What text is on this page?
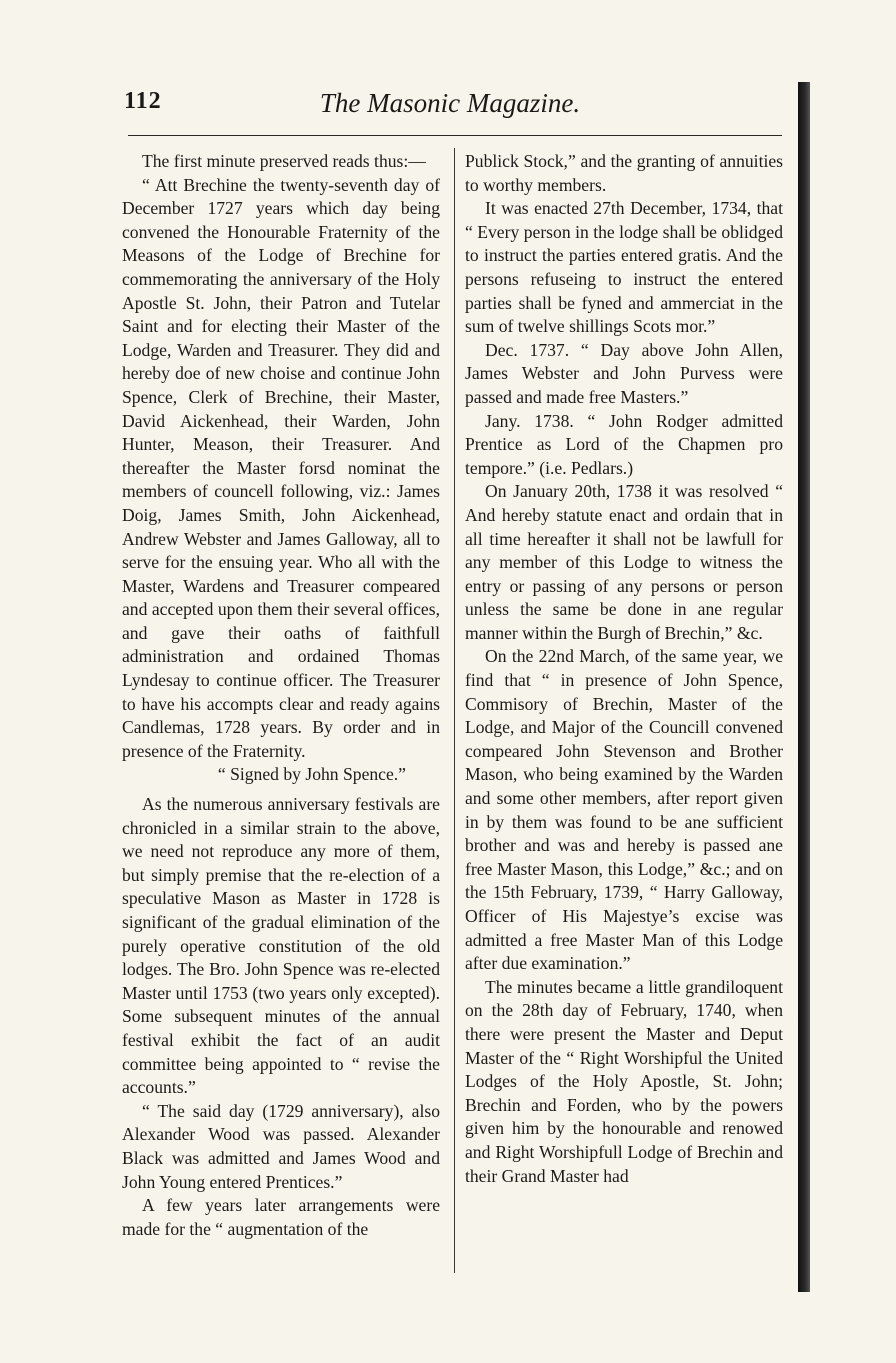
112	The Masonic Magazine.

The first minute preserved reads thus:—

“ Att Brechine the twenty-seventh day of December 1727 years which day being convened the Honourable Fraternity of the Measons of the Lodge of Brechine for commemorating the anniversary of the Holy Apostle St. John, their Patron and Tutelar Saint and for electing their Master of the Lodge, Warden and Treasurer. They did and hereby doe of new choise and continue John Spence, Clerk of Brechine, their Master, David Aickenhead, their Warden, John Hunter, Meason, their Treasurer. And thereafter the Master forsd nominat the members of councell following, viz.: James Doig, James Smith, John Aickenhead, Andrew Webster and James Galloway, all to serve for the ensuing year. Who all with the Master, Wardens and Treasurer compeared and accepted upon them their several offices, and gave their oaths of faithfull administration and ordained Thomas Lyndesay to continue officer. The Treasurer to have his accompts clear and ready agains Candlemas, 1728 years. By order and in presence of the Fraternity.

“ Signed by John Spence.”

As the numerous anniversary festivals are chronicled in a similar strain to the above, we need not reproduce any more of them, but simply premise that the re-election of a speculative Mason as Master in 1728 is significant of the gradual elimination of the purely operative constitution of the old lodges. The Bro. John Spence was re-elected Master until 1753 (two years only excepted). Some subsequent minutes of the annual festival exhibit the fact of an audit committee being appointed to “ revise the accounts.”

“ The said day (1729 anniversary), also Alexander Wood was passed. Alexander Black was admitted and James Wood and John Young entered Prentices.”

A few years later arrangements were made for the “ augmentation of the

Publick Stock,” and the granting of annuities to worthy members.

It was enacted 27th December, 1734, that “ Every person in the lodge shall be oblidged to instruct the parties entered gratis. And the persons refuseing to instruct the entered parties shall be fyned and ammerciat in the sum of twelve shillings Scots mor.”

Dec. 1737. “ Day above John Allen, James Webster and John Purvess were passed and made free Masters.”

Jany. 1738. “ John Rodger admitted Prentice as Lord of the Chapmen pro tempore.” (i.e. Pedlars.)

On January 20th, 1738 it was resolved “ And hereby statute enact and ordain that in all time hereafter it shall not be lawfull for any member of this Lodge to witness the entry or passing of any persons or person unless the same be done in ane regular manner within the Burgh of Brechin,” &c.

On the 22nd March, of the same year, we find that “ in presence of John Spence, Commisory of Brechin, Master of the Lodge, and Major of the Councill convened compeared John Stevenson and Brother Mason, who being examined by the Warden and some other members, after report given in by them was found to be ane sufficient brother and was and hereby is passed ane free Master Mason, this Lodge,” &c.; and on the 15th February, 1739, “ Harry Galloway, Officer of His Majestye’s excise was admitted a free Master Man of this Lodge after due examination.”

The minutes became a little grandiloquent on the 28th day of February, 1740, when there were present the Master and Deput Master of the “ Right Worshipful the United Lodges of the Holy Apostle, St. John; Brechin and Forden, who by the powers given him by the honourable and renowed and Right Worshipfull Lodge of Brechin and their Grand Master had
